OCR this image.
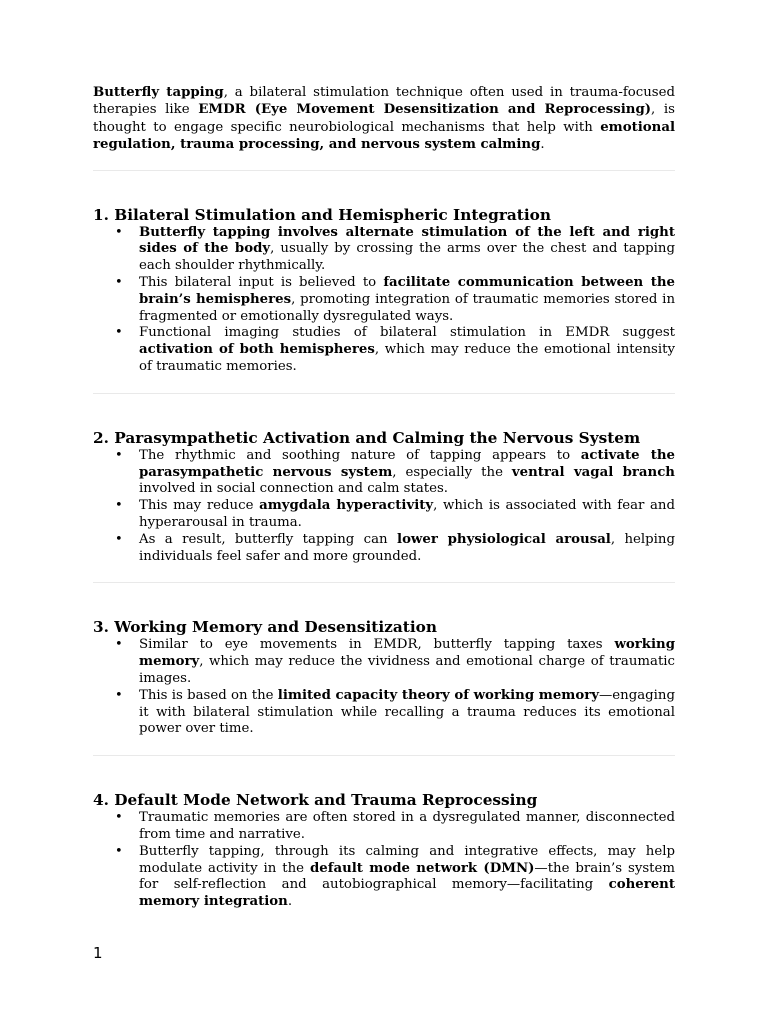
Butterfly tapping, a bilateral stimulation technique often used in trauma-focused therapies like EMDR (Eye Movement Desensitization and Reprocessing), is thought to engage specific neurobiological mechanisms that help with emotional regulation, trauma processing, and nervous system calming.

1. Bilateral Stimulation and Hemispheric Integration
• Butterfly tapping involves alternate stimulation of the left and right sides of the body, usually by crossing the arms over the chest and tapping each shoulder rhythmically.
• This bilateral input is believed to facilitate communication between the brain’s hemispheres, promoting integration of traumatic memories stored in fragmented or emotionally dysregulated ways.
• Functional imaging studies of bilateral stimulation in EMDR suggest activation of both hemispheres, which may reduce the emotional intensity of traumatic memories.
2. Parasympathetic Activation and Calming the Nervous System
• The rhythmic and soothing nature of tapping appears to activate the parasympathetic nervous system, especially the ventral vagal branch involved in social connection and calm states.
• This may reduce amygdala hyperactivity, which is associated with fear and hyperarousal in trauma.
• As a result, butterfly tapping can lower physiological arousal, helping individuals feel safer and more grounded.
3. Working Memory and Desensitization
• Similar to eye movements in EMDR, butterfly tapping taxes working memory, which may reduce the vividness and emotional charge of traumatic images.
• This is based on the limited capacity theory of working memory—engaging it with bilateral stimulation while recalling a trauma reduces its emotional power over time.
4. Default Mode Network and Trauma Reprocessing
• Traumatic memories are often stored in a dysregulated manner, disconnected from time and narrative.
• Butterfly tapping, through its calming and integrative effects, may help modulate activity in the default mode network (DMN)—the brain’s system for self-reflection and autobiographical memory—facilitating coherent memory integration.
1
